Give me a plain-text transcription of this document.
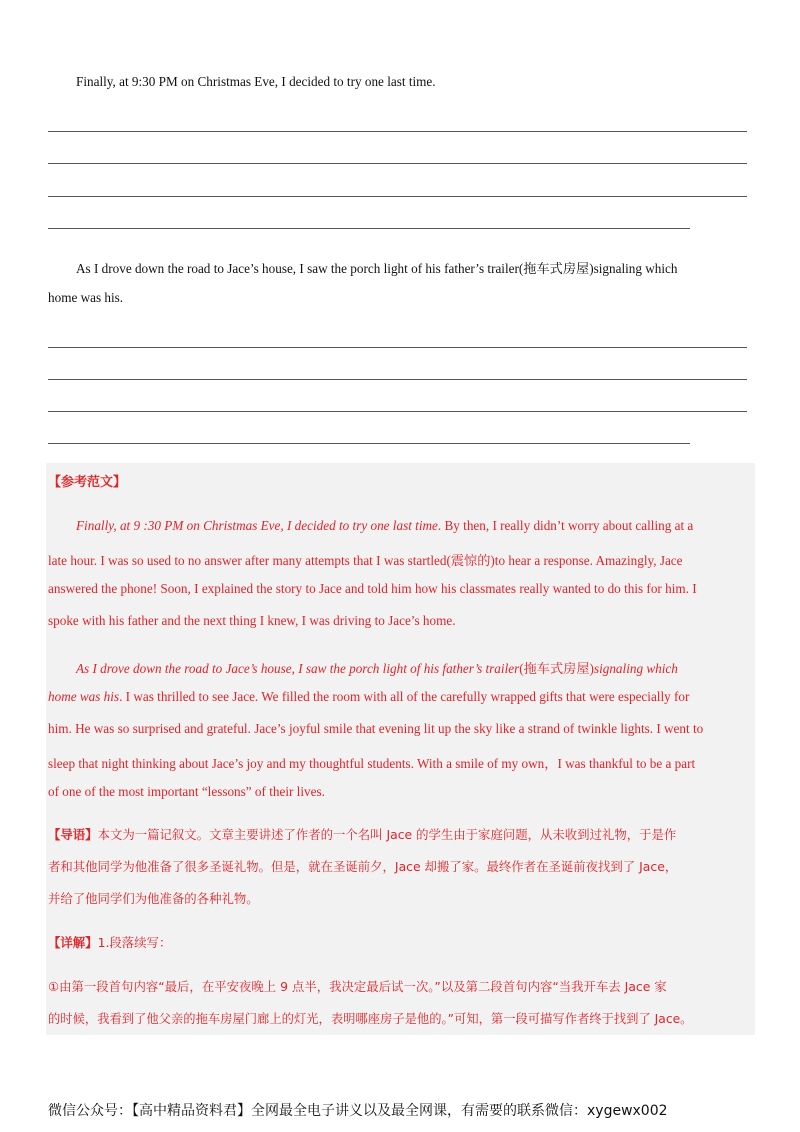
Finally, at 9:30 PM on Christmas Eve, I decided to try one last time.
As I drove down the road to Jace’s house, I saw the porch light of his father’s trailer(拖车式房屋)signaling which
home was his.
【参考范文】
Finally, at 9 :30 PM on Christmas Eve, I decided to try one last time. By then, I really didn’t worry about calling at a
late hour. I was so used to no answer after many attempts that I was startled(震惊的)to hear a response. Amazingly, Jace
answered the phone! Soon, I explained the story to Jace and told him how his classmates really wanted to do this for him. I
spoke with his father and the next thing I knew, I was driving to Jace’s home.
As I drove down the road to Jace’s house, I saw the porch light of his father’s trailer(拖车式房屋)signaling which
home was his. I was thrilled to see Jace. We filled the room with all of the carefully wrapped gifts that were especially for
him. He was so surprised and grateful. Jace’s joyful smile that evening lit up the sky like a strand of twinkle lights. I went to
sleep that night thinking about Jace’s joy and my thoughtful students. With a smile of my own，I was thankful to be a part
of one of the most important “lessons” of their lives.
【导语】本文为一篇记叙文。文章主要讲述了作者的一个名叫 Jace 的学生由于家庭问题，从未收到过礼物，于是作
者和其他同学为他准备了很多圣诞礼物。但是，就在圣诞前夕，Jace 却搬了家。最终作者在圣诞前夜找到了 Jace，
并给了他同学们为他准备的各种礼物。
【详解】1.段落续写：
①由第一段首句内容“最后，在平安夜晚上 9 点半，我决定最后试一次。”以及第二段首句内容“当我开车去 Jace 家
的时候，我看到了他父亲的拖车房屋门廊上的灯光，表明哪座房子是他的。”可知，第一段可描写作者终于找到了 Jace。
微信公众号：【高中精品资料君】全网最全电子讲义以及最全网课，有需要的联系微信：xygewx002
